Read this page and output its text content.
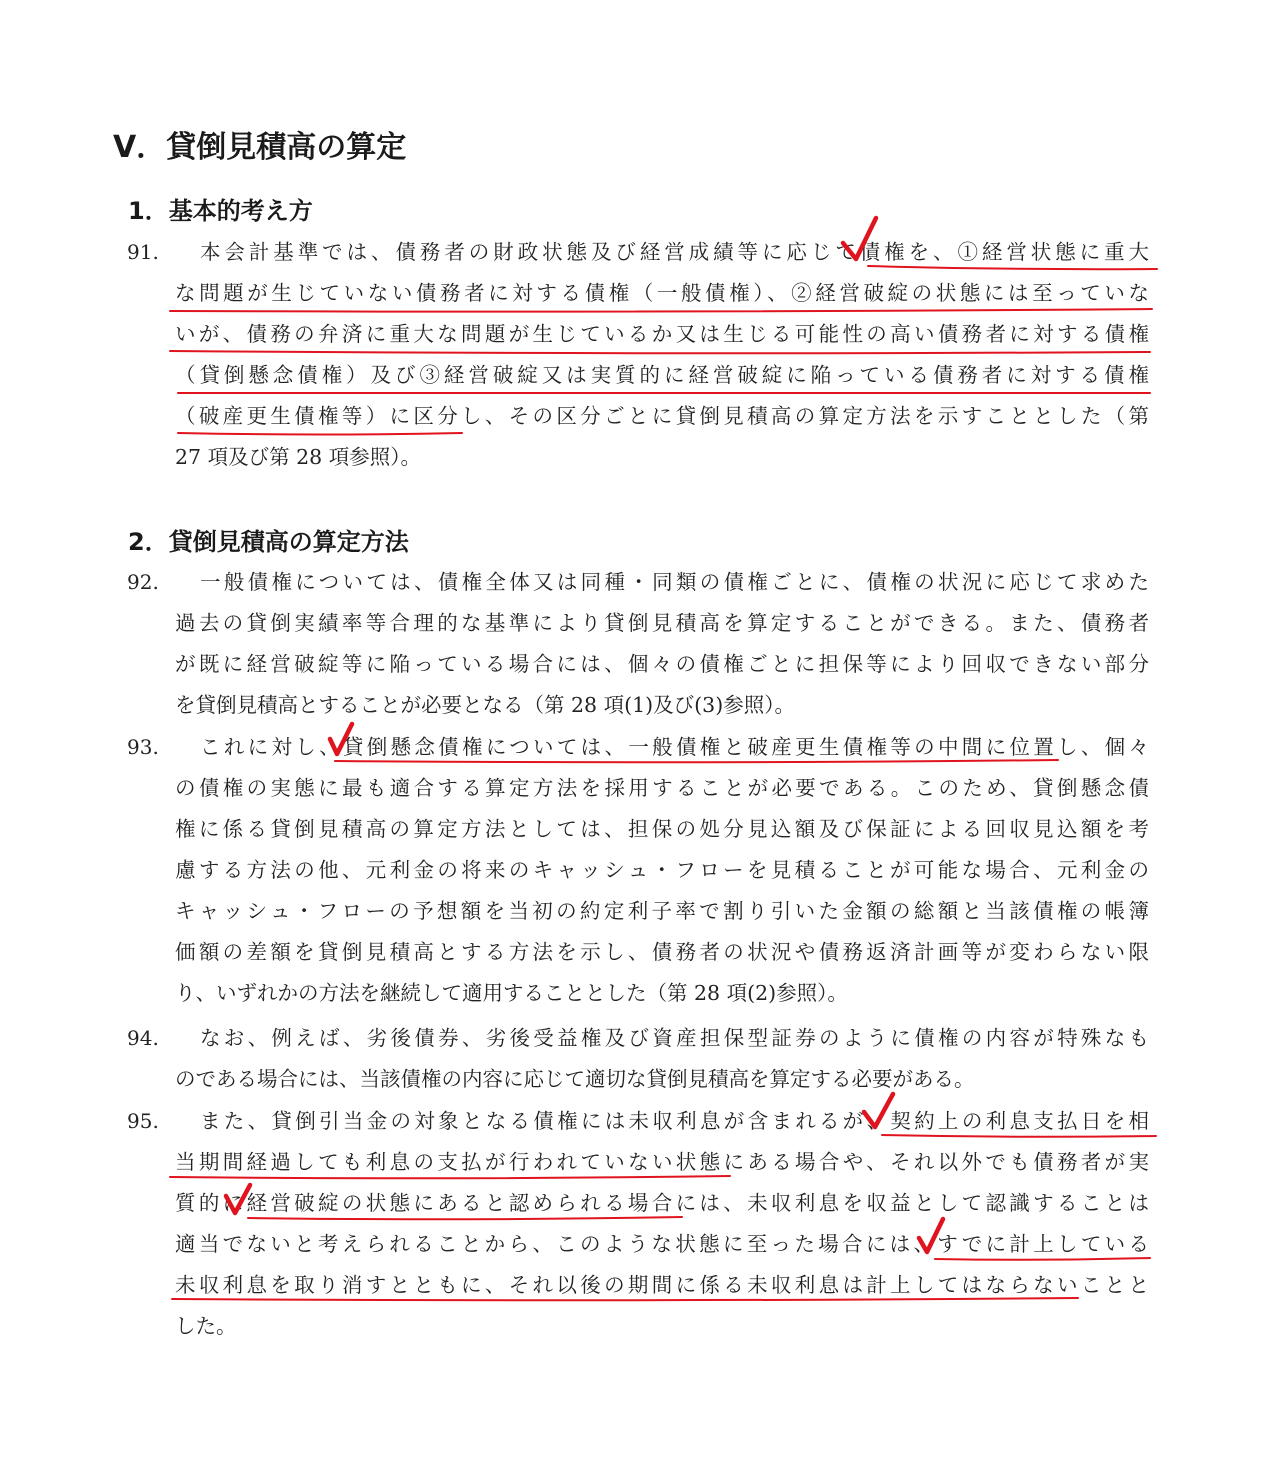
V．貸倒見積高の算定
1．基本的考え方
91. 本会計基準では、債務者の財政状態及び経営成績等に応じて債権を、①経営状態に重大
な問題が生じていない債務者に対する債権（一般債権）、②経営破綻の状態には至っていな
いが、債務の弁済に重大な問題が生じているか又は生じる可能性の高い債務者に対する債権
（貸倒懸念債権）及び③経営破綻又は実質的に経営破綻に陥っている債務者に対する債権
（破産更生債権等）に区分し、その区分ごとに貸倒見積高の算定方法を示すこととした（第
27 項及び第 28 項参照）。
2．貸倒見積高の算定方法
92. 一般債権については、債権全体又は同種・同類の債権ごとに、債権の状況に応じて求めた
過去の貸倒実績率等合理的な基準により貸倒見積高を算定することができる。また、債務者
が既に経営破綻等に陥っている場合には、個々の債権ごとに担保等により回収できない部分
を貸倒見積高とすることが必要となる（第 28 項(1)及び(3)参照）。
93. これに対し、貸倒懸念債権については、一般債権と破産更生債権等の中間に位置し、個々
の債権の実態に最も適合する算定方法を採用することが必要である。このため、貸倒懸念債
権に係る貸倒見積高の算定方法としては、担保の処分見込額及び保証による回収見込額を考
慮する方法の他、元利金の将来のキャッシュ・フローを見積ることが可能な場合、元利金の
キャッシュ・フローの予想額を当初の約定利子率で割り引いた金額の総額と当該債権の帳簿
価額の差額を貸倒見積高とする方法を示し、債務者の状況や債務返済計画等が変わらない限
り、いずれかの方法を継続して適用することとした（第 28 項(2)参照）。
94. なお、例えば、劣後債券、劣後受益権及び資産担保型証券のように債権の内容が特殊なも
のである場合には、当該債権の内容に応じて適切な貸倒見積高を算定する必要がある。
95. また、貸倒引当金の対象となる債権には未収利息が含まれるが、契約上の利息支払日を相
当期間経過しても利息の支払が行われていない状態にある場合や、それ以外でも債務者が実
質的に経営破綻の状態にあると認められる場合には、未収利息を収益として認識することは
適当でないと考えられることから、このような状態に至った場合には、すでに計上している
未収利息を取り消すとともに、それ以後の期間に係る未収利息は計上してはならないことと
した。
